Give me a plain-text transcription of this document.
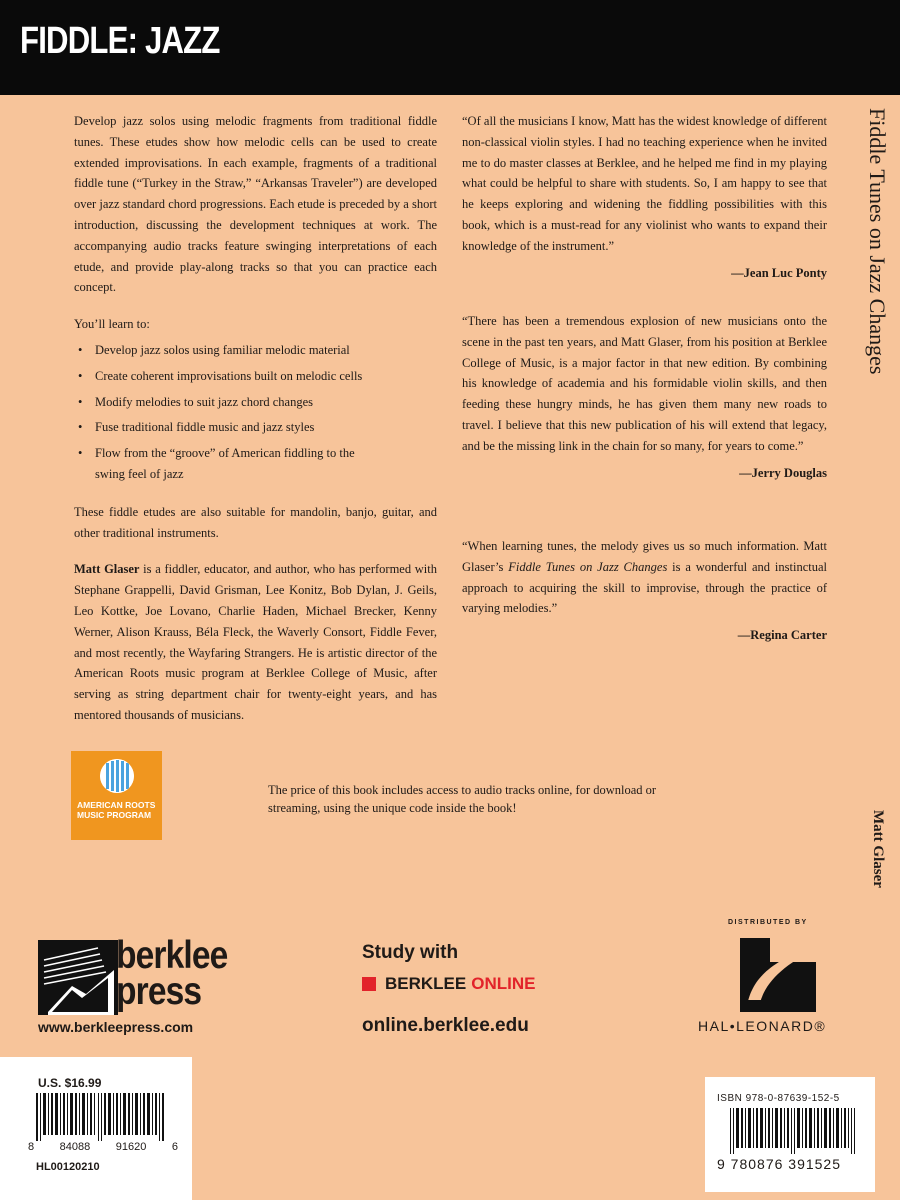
FIDDLE: JAZZ

Develop jazz solos using melodic fragments from traditional fiddle tunes. These etudes show how melodic cells can be used to create extended improvisations. In each example, fragments of a traditional fiddle tune (“Turkey in the Straw,” “Arkansas Traveler”) are developed over jazz standard chord progressions. Each etude is preceded by a short introduction, discussing the development techniques at work. The accompanying audio tracks feature swinging interpretations of each etude, and provide play-along tracks so that you can practice each concept.

You’ll learn to:

• Develop jazz solos using familiar melodic material
• Create coherent improvisations built on melodic cells
• Modify melodies to suit jazz chord changes
• Fuse traditional fiddle music and jazz styles
• Flow from the “groove” of American fiddling to the swing feel of jazz

These fiddle etudes are also suitable for mandolin, banjo, guitar, and other traditional instruments.

Matt Glaser is a fiddler, educator, and author, who has performed with Stephane Grappelli, David Grisman, Lee Konitz, Bob Dylan, J. Geils, Leo Kottke, Joe Lovano, Charlie Haden, Michael Brecker, Kenny Werner, Alison Krauss, Béla Fleck, the Waverly Consort, Fiddle Fever, and most recently, the Wayfaring Strangers. He is artistic director of the American Roots music program at Berklee College of Music, after serving as string department chair for twenty-eight years, and has mentored thousands of musicians.

“Of all the musicians I know, Matt has the widest knowledge of different non-classical violin styles. I had no teaching experience when he invited me to do master classes at Berklee, and he helped me find in my playing what could be helpful to share with students. So, I am happy to see that he keeps exploring and widening the fiddling possibilities with this book, which is a must-read for any violinist who wants to expand their knowledge of the instrument.”

—Jean Luc Ponty

“There has been a tremendous explosion of new musicians onto the scene in the past ten years, and Matt Glaser, from his position at Berklee College of Music, is a major factor in that new edition. By combining his knowledge of academia and his formidable violin skills, and then feeding these hungry minds, he has given them many new roads to travel. I believe that this new publication of his will extend that legacy, and be the missing link in the chain for so many, for years to come.”

—Jerry Douglas

“When learning tunes, the melody gives us so much information. Matt Glaser’s Fiddle Tunes on Jazz Changes is a wonderful and instinctual approach to acquiring the skill to improvise, through the practice of varying melodies.”

—Regina Carter

Fiddle Tunes on Jazz Changes
Matt Glaser
AMERICAN ROOTS MUSIC PROGRAM
The price of this book includes access to audio tracks online, for download or streaming, using the unique code inside the book!
berklee
press
www.berkleepress.com
Study with
BERKLEE ONLINE
online.berklee.edu
DISTRIBUTED BY
HAL•LEONARD®
U.S. $16.99
8 84088 91620 6
HL00120210
ISBN 978-0-87639-152-5
9 780876 391525
